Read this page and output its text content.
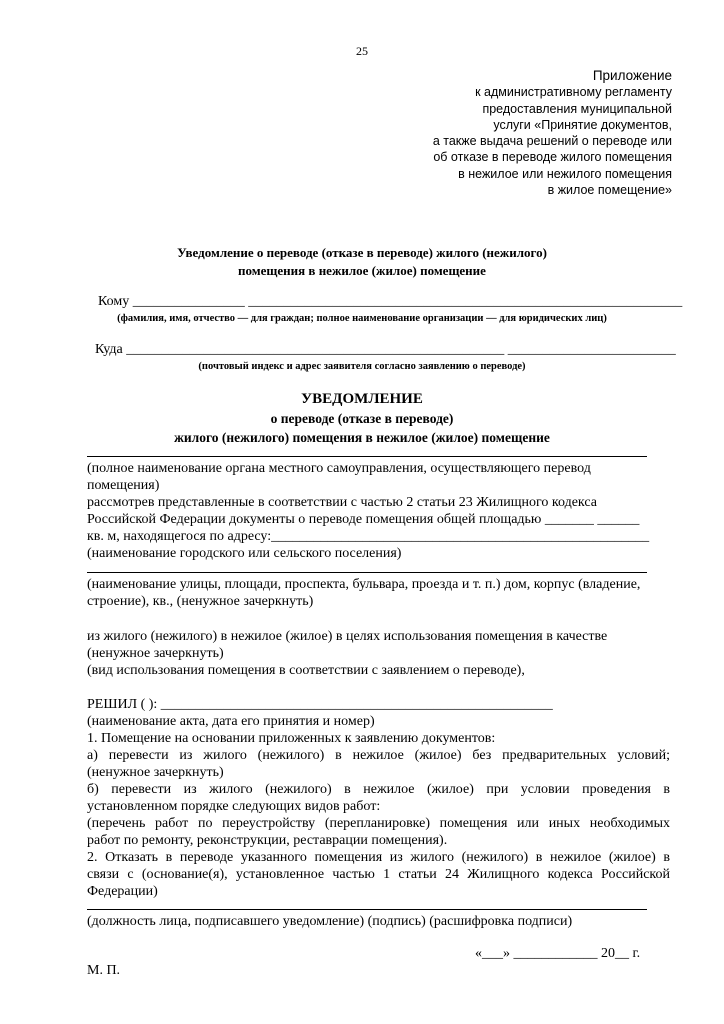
25
Приложение
к административному регламенту
предоставления муниципальной
услуги «Принятие документов,
а также выдача решений о переводе или
об отказе в переводе жилого помещения
в нежилое или нежилого помещения
в жилое помещение»
Уведомление о переводе (отказе в переводе) жилого (нежилого)
помещения в нежилое (жилое) помещение
Кому ________________ ______________________________________________________________
(фамилия, имя, отчество — для граждан; полное наименование организации — для юридических лиц)
Куда ______________________________________________________ ________________________
(почтовый индекс и адрес заявителя согласно заявлению о переводе)
УВЕДОМЛЕНИЕ
о переводе (отказе в переводе)
жилого (нежилого) помещения в нежилое (жилое) помещение
(полное наименование органа местного самоуправления, осуществляющего перевод
помещения)
рассмотрев представленные в соответствии с частью 2 статьи 23 Жилищного кодекса
Российской Федерации документы о переводе помещения общей площадью _______ ______
кв. м, находящегося по адресу:______________________________________________________
(наименование городского или сельского поселения)
(наименование улицы, площади, проспекта, бульвара, проезда и т. п.) дом, корпус (владение,
строение), кв., (ненужное зачеркнуть)
из жилого (нежилого) в нежилое (жилое) в целях использования помещения в качестве
(ненужное зачеркнуть)
(вид использования помещения в соответствии с заявлением о переводе),
РЕШИЛ ( ): ________________________________________________________
(наименование акта, дата его принятия и номер)
1. Помещение на основании приложенных к заявлению документов:
а) перевести из жилого (нежилого) в нежилое (жилое) без предварительных условий;
(ненужное зачеркнуть)
б) перевести из жилого (нежилого) в нежилое (жилое) при условии проведения в
установленном порядке следующих видов работ:
(перечень работ по переустройству (перепланировке) помещения или иных необходимых
работ по ремонту, реконструкции, реставрации помещения).
2. Отказать в переводе указанного помещения из жилого (нежилого) в нежилое (жилое) в
связи с (основание(я), установленное частью 1 статьи 24 Жилищного кодекса Российской
Федерации)
(должность лица, подписавшего уведомление) (подпись) (расшифровка подписи)
«___» ____________ 20__ г.
М. П.
